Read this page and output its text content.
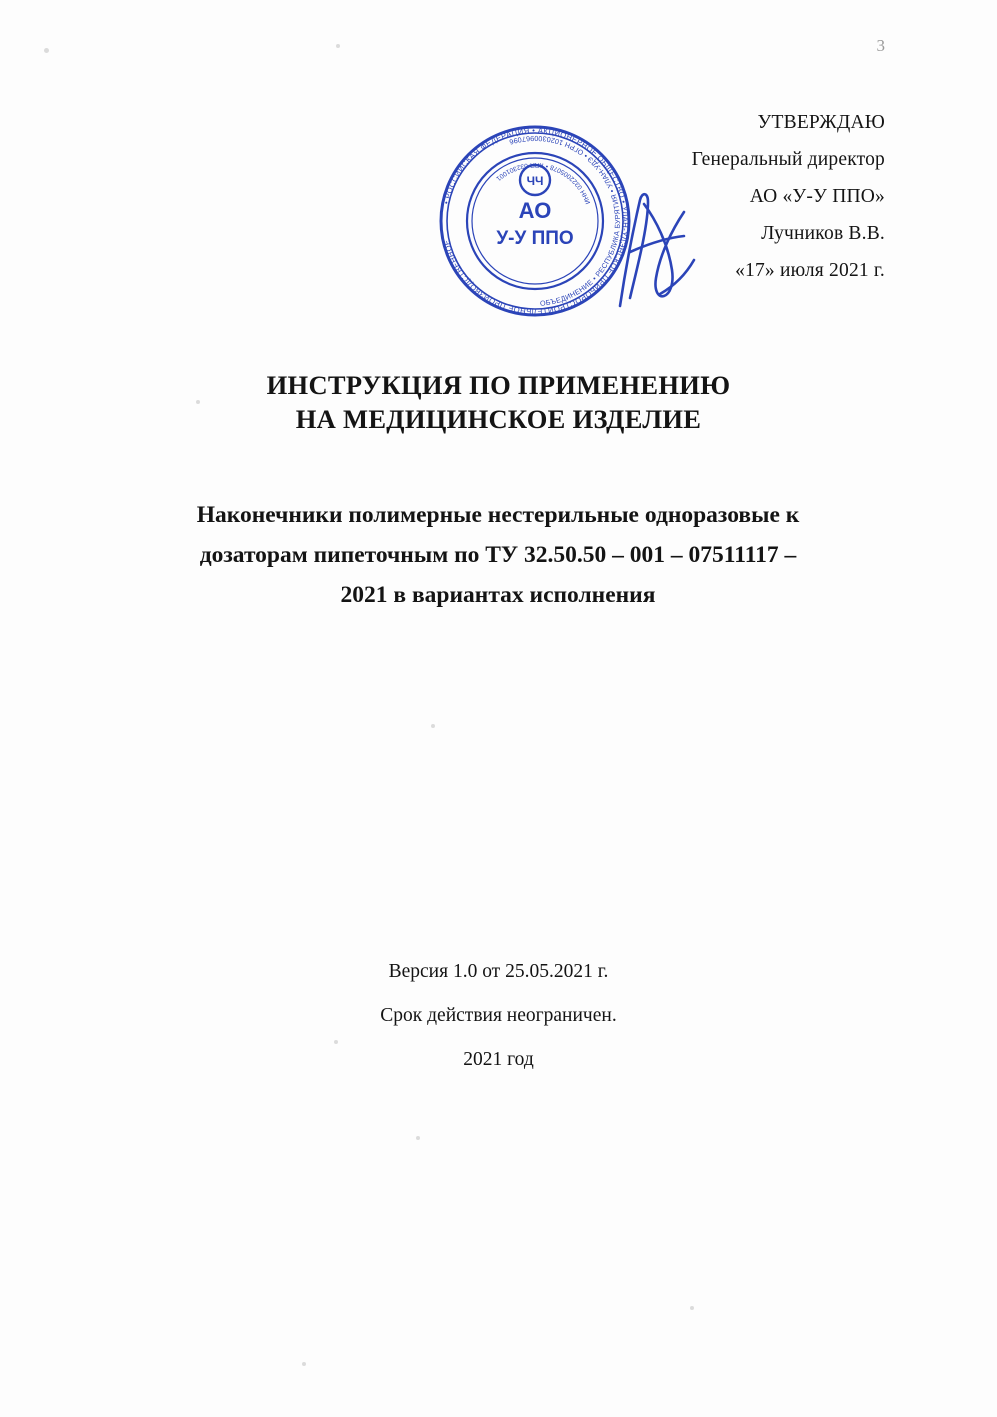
3
• РОССИЙСКАЯ ФЕДЕРАЦИЯ • АКЦИОНЕРНОЕ ОБЩЕСТВО • УЛАН-УДЭНСКОЕ ПРИБОРОСТРОИТЕЛЬНОЕ ПРОИЗВОДСТВЕННОЕ
ОБЪЕДИНЕНИЕ • РЕСПУБЛИКА БУРЯТИЯ • УЛАН-УДЭ • ОГРН 1020300967096
ИНН 0322005078 • КПП 032301001	ЧЧ
АО
У-У ППО
УТВЕРЖДАЮ
Генеральный директор
АО «У-У ППО»
Лучников В.В.
«17» июля 2021 г.
ИНСТРУКЦИЯ ПО ПРИМЕНЕНИЮ
НА МЕДИЦИНСКОЕ ИЗДЕЛИЕ
Наконечники полимерные нестерильные одноразовые к
дозаторам пипеточным по ТУ 32.50.50 – 001 – 07511117 –
2021 в вариантах исполнения
Версия 1.0 от 25.05.2021 г.
Срок действия неограничен.
2021 год
